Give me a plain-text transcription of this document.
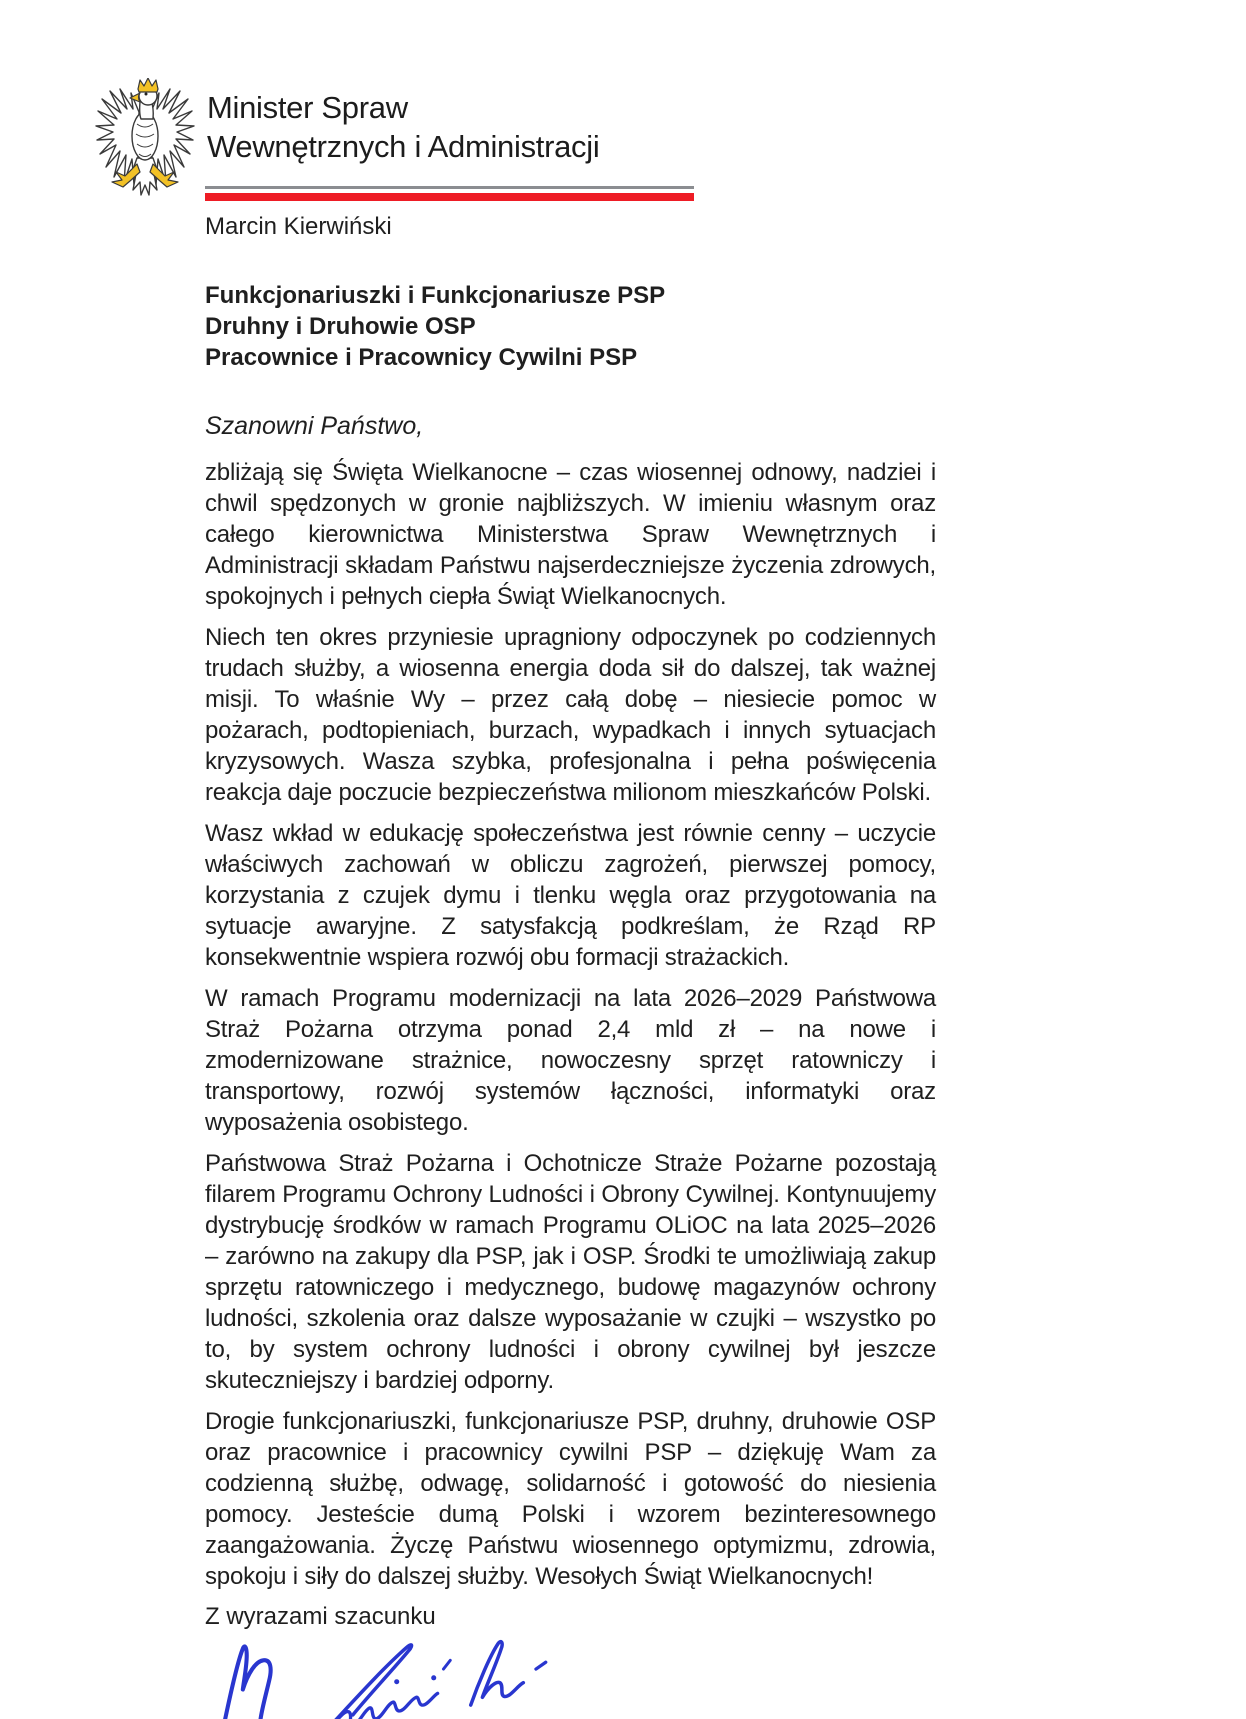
Minister Spraw
Wewnętrznych i Administracji
Marcin Kierwiński
Funkcjonariuszki i Funkcjonariusze PSP
Druhny i Druhowie OSP
Pracownice i Pracownicy Cywilni PSP
Szanowni Państwo,

zbliżają się Święta Wielkanocne – czas wiosennej odnowy, nadziei i chwil spędzonych w gronie najbliższych. W imieniu własnym oraz całego kierownictwa Ministerstwa Spraw Wewnętrznych i Administracji składam Państwu najserdeczniejsze życzenia zdrowych, spokojnych i pełnych ciepła Świąt Wielkanocnych.

Niech ten okres przyniesie upragniony odpoczynek po codziennych trudach służby, a wiosenna energia doda sił do dalszej, tak ważnej misji. To właśnie Wy – przez całą dobę – niesiecie pomoc w pożarach, podtopieniach, burzach, wypadkach i innych sytuacjach kryzysowych. Wasza szybka, profesjonalna i pełna poświęcenia reakcja daje poczucie bezpieczeństwa milionom mieszkańców Polski.

Wasz wkład w edukację społeczeństwa jest równie cenny – uczycie właściwych zachowań w obliczu zagrożeń, pierwszej pomocy, korzystania z czujek dymu i tlenku węgla oraz przygotowania na sytuacje awaryjne. Z satysfakcją podkreślam, że Rząd RP konsekwentnie wspiera rozwój obu formacji strażackich.

W ramach Programu modernizacji na lata 2026–2029 Państwowa Straż Pożarna otrzyma ponad 2,4 mld zł – na nowe i zmodernizowane strażnice, nowoczesny sprzęt ratowniczy i transportowy, rozwój systemów łączności, informatyki oraz wyposażenia osobistego.

Państwowa Straż Pożarna i Ochotnicze Straże Pożarne pozostają filarem Programu Ochrony Ludności i Obrony Cywilnej. Kontynuujemy dystrybucję środków w ramach Programu OLiOC na lata 2025–2026 – zarówno na zakupy dla PSP, jak i OSP. Środki te umożliwiają zakup sprzętu ratowniczego i medycznego, budowę magazynów ochrony ludności, szkolenia oraz dalsze wyposażanie w czujki – wszystko po to, by system ochrony ludności i obrony cywilnej był jeszcze skuteczniejszy i bardziej odporny.

Drogie funkcjonariuszki, funkcjonariusze PSP, druhny, druhowie OSP oraz pracownice i pracownicy cywilni PSP – dziękuję Wam za codzienną służbę, odwagę, solidarność i gotowość do niesienia pomocy. Jesteście dumą Polski i wzorem bezinteresownego zaangażowania. Życzę Państwu wiosennego optymizmu, zdrowia, spokoju i siły do dalszej służby. Wesołych Świąt Wielkanocnych!

Z wyrazami szacunku
